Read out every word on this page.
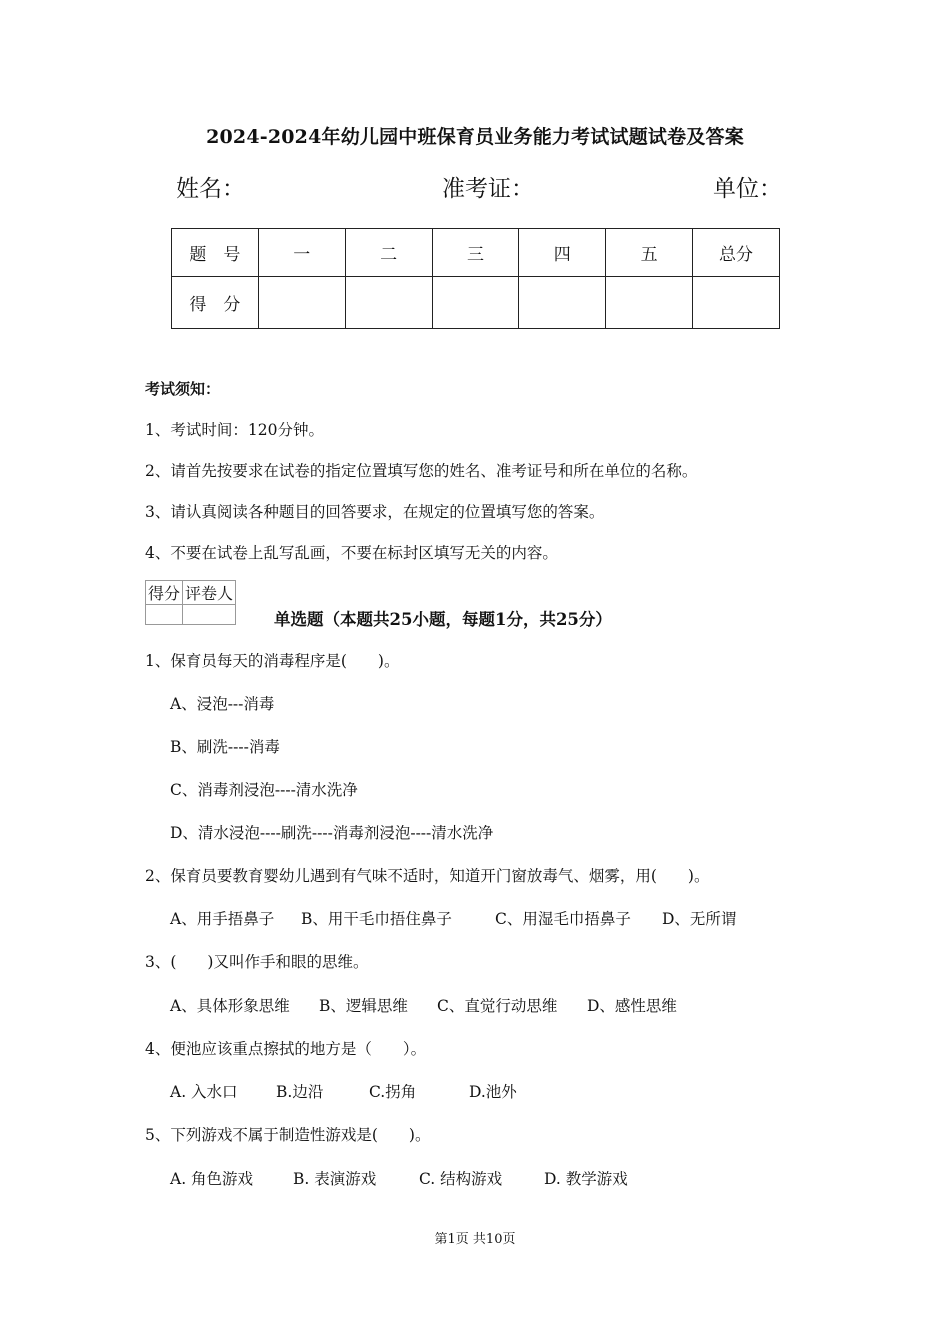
2024-2024年幼儿园中班保育员业务能力考试试题试卷及答案
姓名：	准考证：	单位：
题　号	一	二	三	四	五	总分
得　分						
考试须知：
1、考试时间：120分钟。
2、请首先按要求在试卷的指定位置填写您的姓名、准考证号和所在单位的名称。
3、请认真阅读各种题目的回答要求，在规定的位置填写您的答案。
4、不要在试卷上乱写乱画，不要在标封区填写无关的内容。
得分	评卷人

单选题（本题共25小题，每题1分，共25分）
1、保育员每天的消毒程序是(　　)。
A、浸泡---消毒
B、刷洗----消毒
C、消毒剂浸泡----清水洗净
D、清水浸泡----刷洗----消毒剂浸泡----清水洗净
2、保育员要教育婴幼儿遇到有气味不适时，知道开门窗放毒气、烟雾，用(　　)。
A、用手捂鼻子 B、用干毛巾捂住鼻子	C、用湿毛巾捂鼻子 D、无所谓
3、(　　)又叫作手和眼的思维。
A、具体形象思维 B、逻辑思维 C、直觉行动思维 D、感性思维
4、便池应该重点擦拭的地方是（　　）。
A. 入水口 B.边沿	C.拐角	D.池外
5、下列游戏不属于制造性游戏是(　　)。
A. 角色游戏	B. 表演游戏	C. 结构游戏	D. 教学游戏
第1页 共10页
